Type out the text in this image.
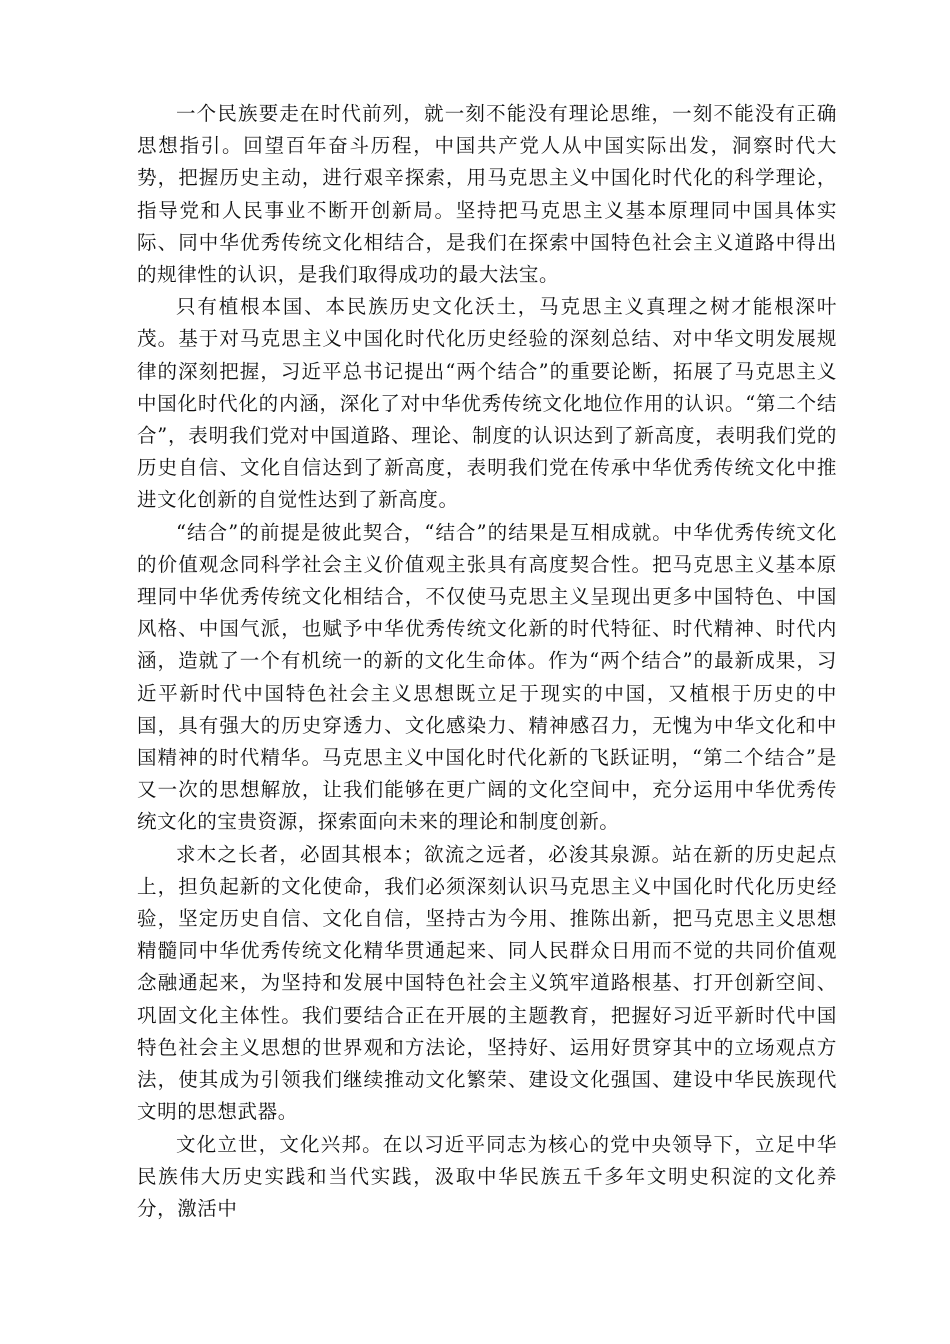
一个民族要走在时代前列，就一刻不能没有理论思维，一刻不能没有正确思想指引。回望百年奋斗历程，中国共产党人从中国实际出发，洞察时代大势，把握历史主动，进行艰辛探索，用马克思主义中国化时代化的科学理论，指导党和人民事业不断开创新局。坚持把马克思主义基本原理同中国具体实际、同中华优秀传统文化相结合，是我们在探索中国特色社会主义道路中得出的规律性的认识，是我们取得成功的最大法宝。

只有植根本国、本民族历史文化沃土，马克思主义真理之树才能根深叶茂。基于对马克思主义中国化时代化历史经验的深刻总结、对中华文明发展规律的深刻把握，习近平总书记提出“两个结合”的重要论断，拓展了马克思主义中国化时代化的内涵，深化了对中华优秀传统文化地位作用的认识。“第二个结合”，表明我们党对中国道路、理论、制度的认识达到了新高度，表明我们党的历史自信、文化自信达到了新高度，表明我们党在传承中华优秀传统文化中推进文化创新的自觉性达到了新高度。

“结合”的前提是彼此契合，“结合”的结果是互相成就。中华优秀传统文化的价值观念同科学社会主义价值观主张具有高度契合性。把马克思主义基本原理同中华优秀传统文化相结合，不仅使马克思主义呈现出更多中国特色、中国风格、中国气派，也赋予中华优秀传统文化新的时代特征、时代精神、时代内涵，造就了一个有机统一的新的文化生命体。作为“两个结合”的最新成果，习近平新时代中国特色社会主义思想既立足于现实的中国，又植根于历史的中国，具有强大的历史穿透力、文化感染力、精神感召力，无愧为中华文化和中国精神的时代精华。马克思主义中国化时代化新的飞跃证明，“第二个结合”是又一次的思想解放，让我们能够在更广阔的文化空间中，充分运用中华优秀传统文化的宝贵资源，探索面向未来的理论和制度创新。

求木之长者，必固其根本；欲流之远者，必浚其泉源。站在新的历史起点上，担负起新的文化使命，我们必须深刻认识马克思主义中国化时代化历史经验，坚定历史自信、文化自信，坚持古为今用、推陈出新，把马克思主义思想精髓同中华优秀传统文化精华贯通起来、同人民群众日用而不觉的共同价值观念融通起来，为坚持和发展中国特色社会主义筑牢道路根基、打开创新空间、巩固文化主体性。我们要结合正在开展的主题教育，把握好习近平新时代中国特色社会主义思想的世界观和方法论，坚持好、运用好贯穿其中的立场观点方法，使其成为引领我们继续推动文化繁荣、建设文化强国、建设中华民族现代文明的思想武器。

文化立世，文化兴邦。在以习近平同志为核心的党中央领导下，立足中华民族伟大历史实践和当代实践，汲取中华民族五千多年文明史积淀的文化养分，激活中
